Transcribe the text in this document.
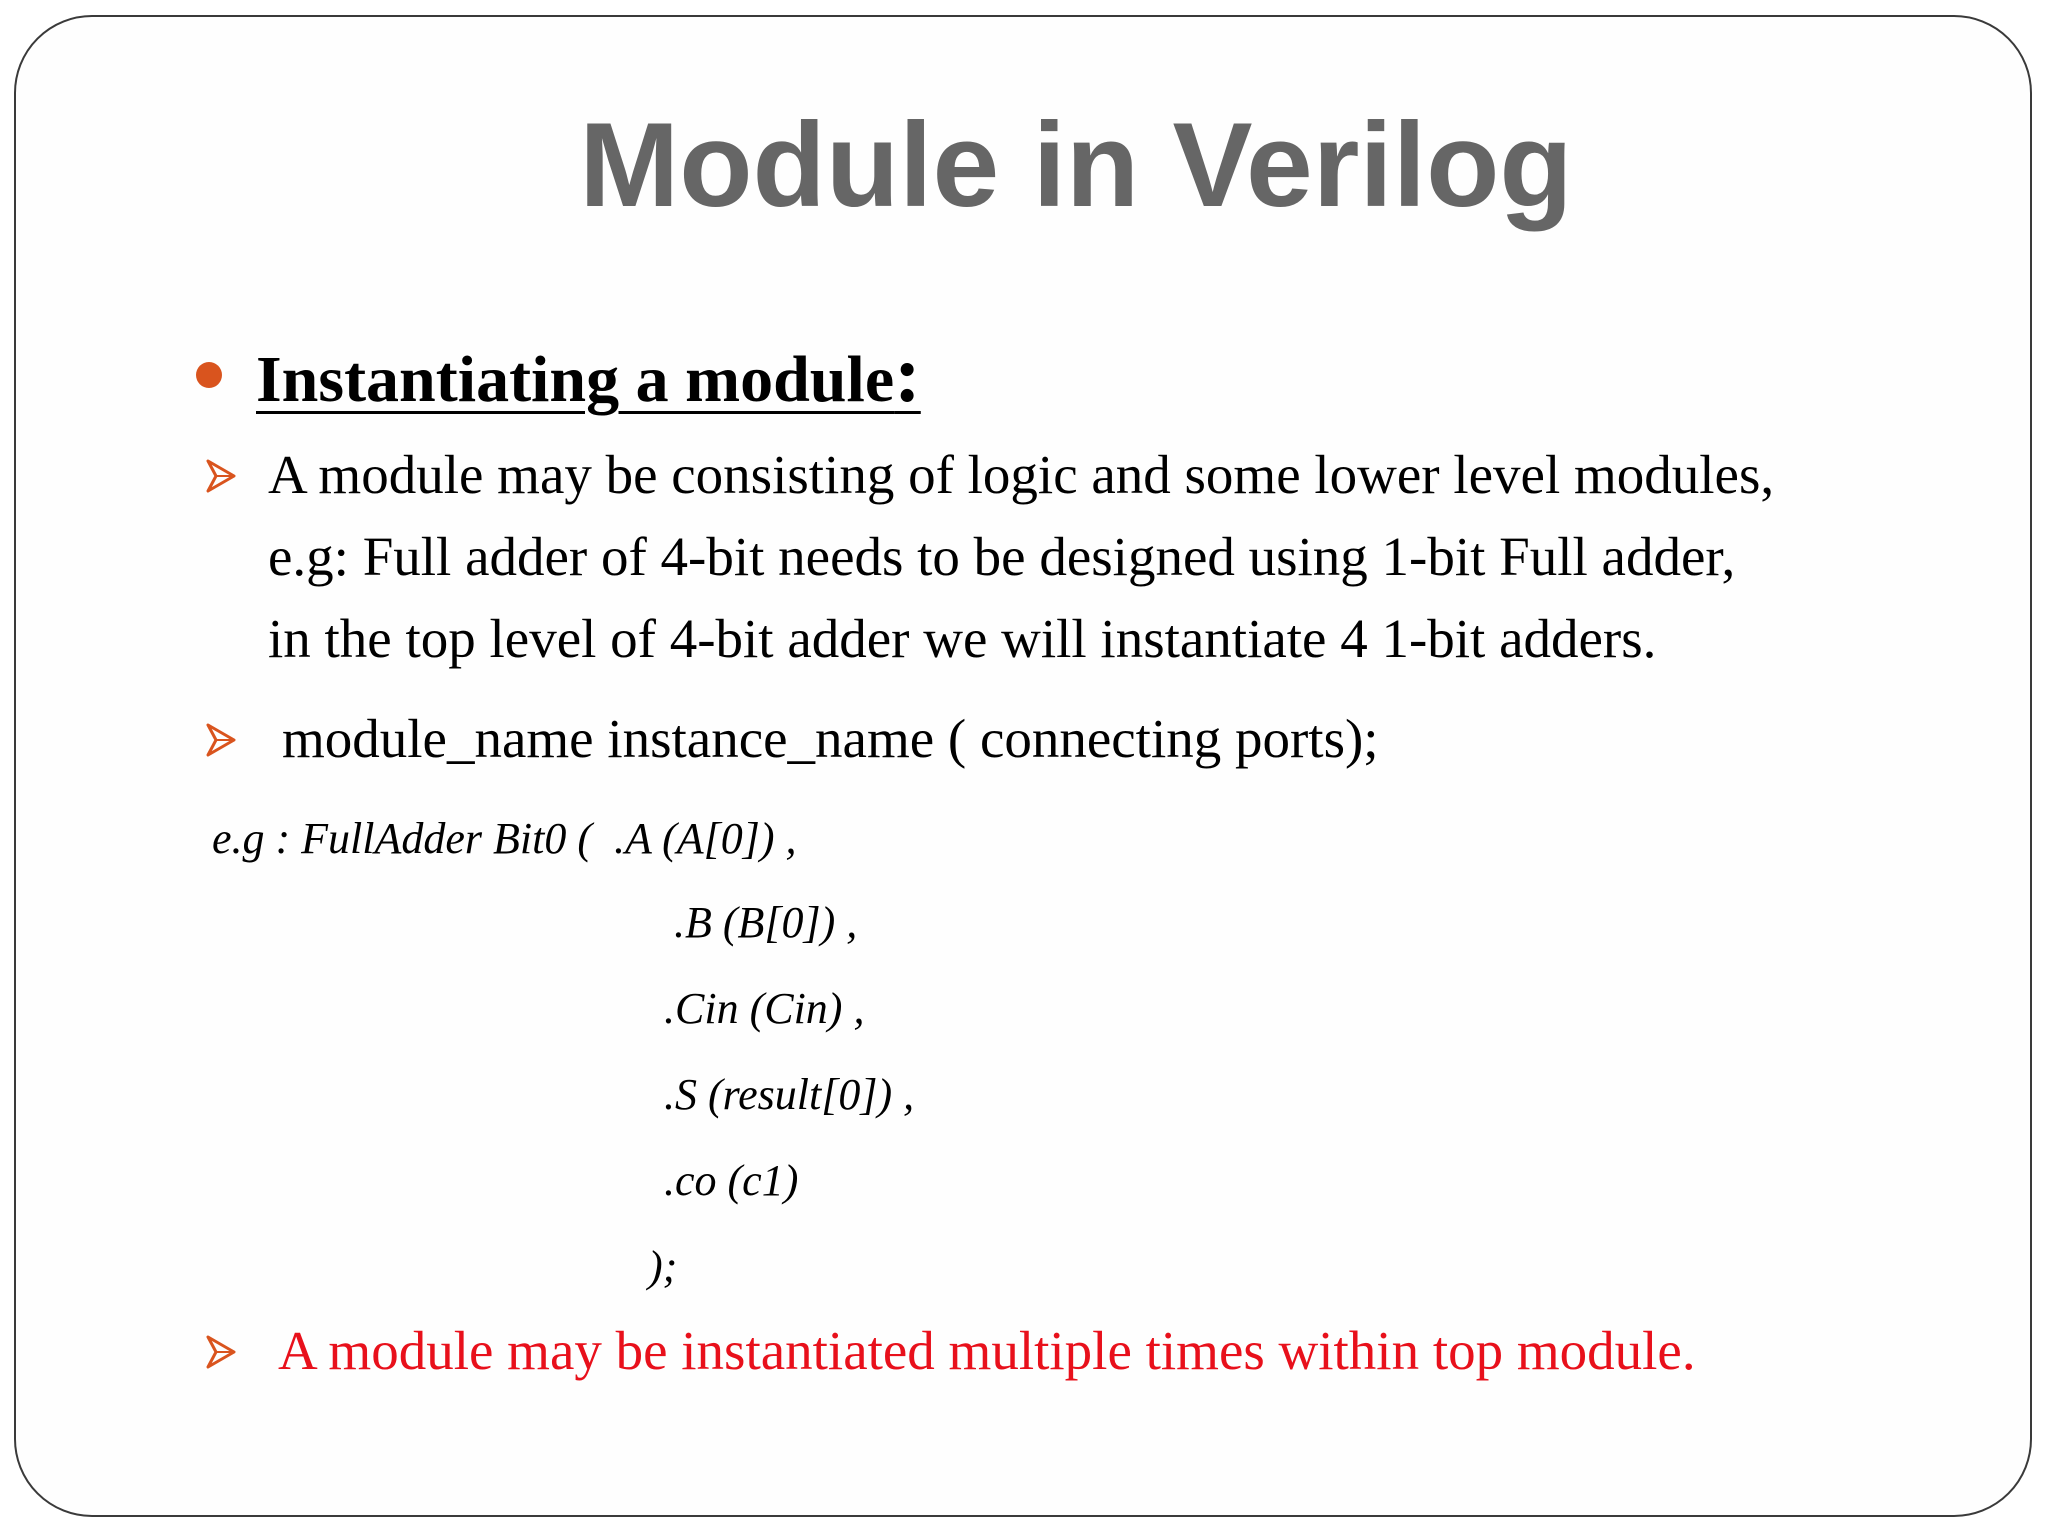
Module in Verilog
Instantiating a module:

A module may be consisting of logic and some lower level modules,

e.g: Full adder of 4-bit needs to be designed using 1-bit Full adder,

in the top level of 4-bit adder we will instantiate 4 1-bit adders.

module_name instance_name ( connecting ports);

e.g : FullAdder Bit0 (  .A (A[0]) ,
.B (B[0]) ,
.Cin (Cin) ,
.S (result[0]) ,
.co (c1)
);

A module may be instantiated multiple times within top module.
